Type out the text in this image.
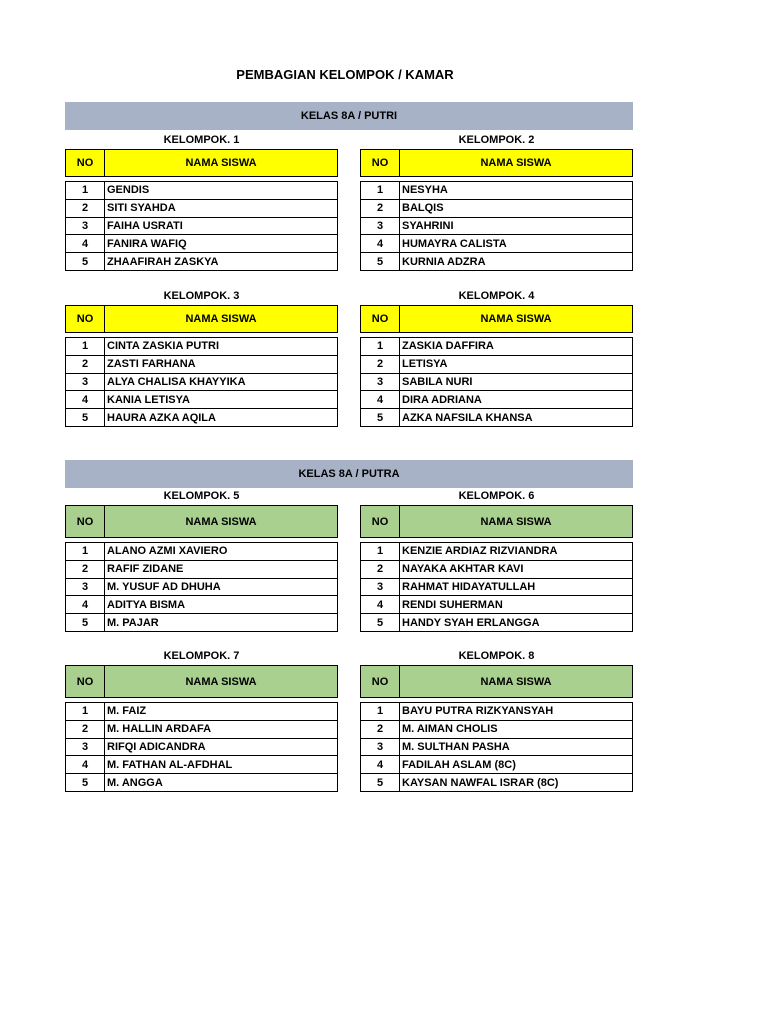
PEMBAGIAN KELOMPOK / KAMAR
KELAS 8A / PUTRI
KELAS 8A / PUTRA
KELOMPOK. 1
NO	NAMA SISWA

1	GENDIS
2	SITI SYAHDA
3	FAIHA USRATI
4	FANIRA WAFIQ
5	ZHAAFIRAH ZASKYA
KELOMPOK. 2
NO	NAMA SISWA

1	NESYHA
2	BALQIS
3	SYAHRINI
4	HUMAYRA CALISTA
5	KURNIA ADZRA
KELOMPOK. 3
NO	NAMA SISWA

1	CINTA ZASKIA PUTRI
2	ZASTI FARHANA
3	ALYA CHALISA KHAYYIKA
4	KANIA LETISYA
5	HAURA AZKA AQILA
KELOMPOK. 4
NO	NAMA SISWA

1	ZASKIA DAFFIRA
2	LETISYA
3	SABILA NURI
4	DIRA ADRIANA
5	AZKA NAFSILA KHANSA
KELOMPOK. 5
NO	NAMA SISWA

1	ALANO AZMI XAVIERO
2	RAFIF ZIDANE
3	M. YUSUF AD DHUHA
4	ADITYA BISMA
5	M. PAJAR
KELOMPOK. 6
NO	NAMA SISWA

1	KENZIE ARDIAZ RIZVIANDRA
2	NAYAKA AKHTAR KAVI
3	RAHMAT HIDAYATULLAH
4	RENDI SUHERMAN
5	HANDY SYAH ERLANGGA
KELOMPOK. 7
NO	NAMA SISWA

1	M. FAIZ
2	M. HALLIN ARDAFA
3	RIFQI ADICANDRA
4	M. FATHAN AL-AFDHAL
5	M. ANGGA
KELOMPOK. 8
NO	NAMA SISWA

1	BAYU PUTRA RIZKYANSYAH
2	M. AIMAN CHOLIS
3	M. SULTHAN PASHA
4	FADILAH ASLAM (8C)
5	KAYSAN NAWFAL ISRAR (8C)
